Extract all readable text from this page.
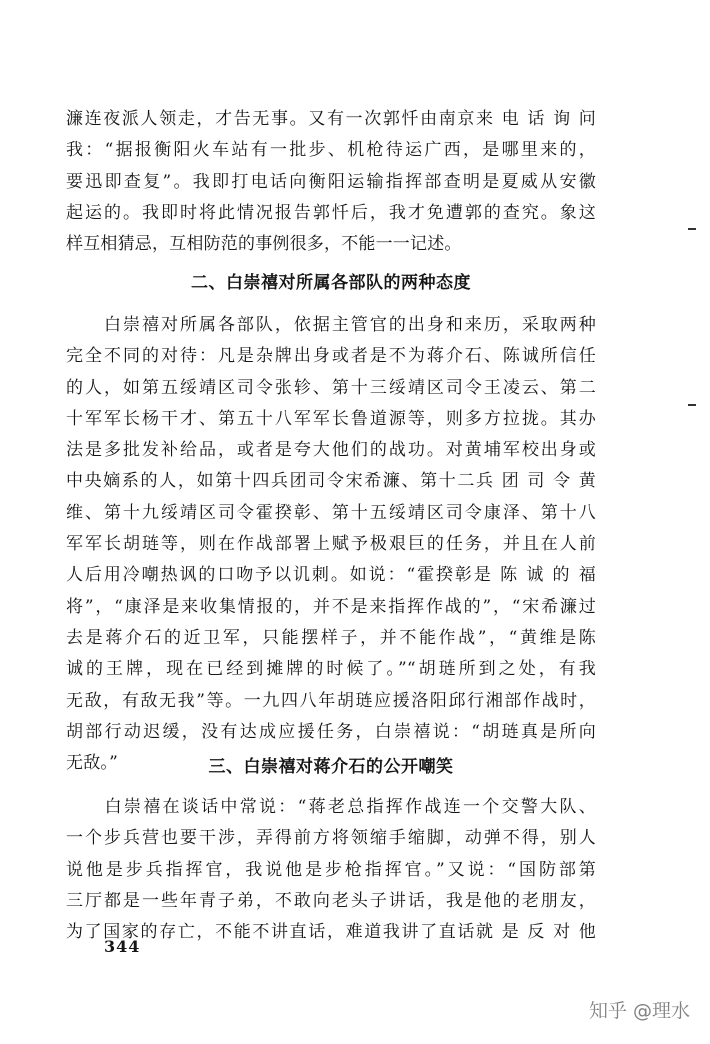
濂连夜派人领走，才告无事。又有一次郭忏由南京来 电 话 询 问
我：“据报衡阳火车站有一批步、机枪待运广西，是哪里来的，
要迅即查复”。我即打电话向衡阳运输指挥部查明是夏威从安徽
起运的。我即时将此情况报告郭忏后，我才免遭郭的查究。象这
样互相猜忌，互相防范的事例很多，不能一一记述。
二、白崇禧对所属各部队的两种态度
　　白崇禧对所属各部队，依据主管官的出身和来历，采取两种
完全不同的对待：凡是杂牌出身或者是不为蒋介石、陈诚所信任
的人，如第五绥靖区司令张轸、第十三绥靖区司令王凌云、第二
十军军长杨干才、第五十八军军长鲁道源等，则多方拉拢。其办
法是多批发补给品，或者是夸大他们的战功。对黄埔军校出身或
中央嫡系的人，如第十四兵团司令宋希濂、第十二兵 团 司 令 黄
维、第十九绥靖区司令霍揆彰、第十五绥靖区司令康泽、第十八
军军长胡琏等，则在作战部署上赋予极艰巨的任务，并且在人前
人后用冷嘲热讽的口吻予以讥刺。如说：“霍揆彰是 陈 诚 的 福
将”，“康泽是来收集情报的，并不是来指挥作战的”，“宋希濂过
去是蒋介石的近卫军，只能摆样子，并不能作战”，“黄维是陈
诚的王牌，现在已经到摊牌的时候了。”“胡琏所到之处，有我
无敌，有敌无我”等。一九四八年胡琏应援洛阳邱行湘部作战时，
胡部行动迟缓，没有达成应援任务，白崇禧说：“胡琏真是所向
无敌。”	三、白崇禧对蒋介石的公开嘲笑
　　白崇禧在谈话中常说：“蒋老总指挥作战连一个交警大队、
一个步兵营也要干涉，弄得前方将领缩手缩脚，动弹不得，别人
说他是步兵指挥官，我说他是步枪指挥官。”又说：“国防部第
三厅都是一些年青子弟，不敢向老头子讲话，我是他的老朋友，
为了国家的存亡，不能不讲直话，难道我讲了直话就 是 反 对 他
344
知乎 @理水
